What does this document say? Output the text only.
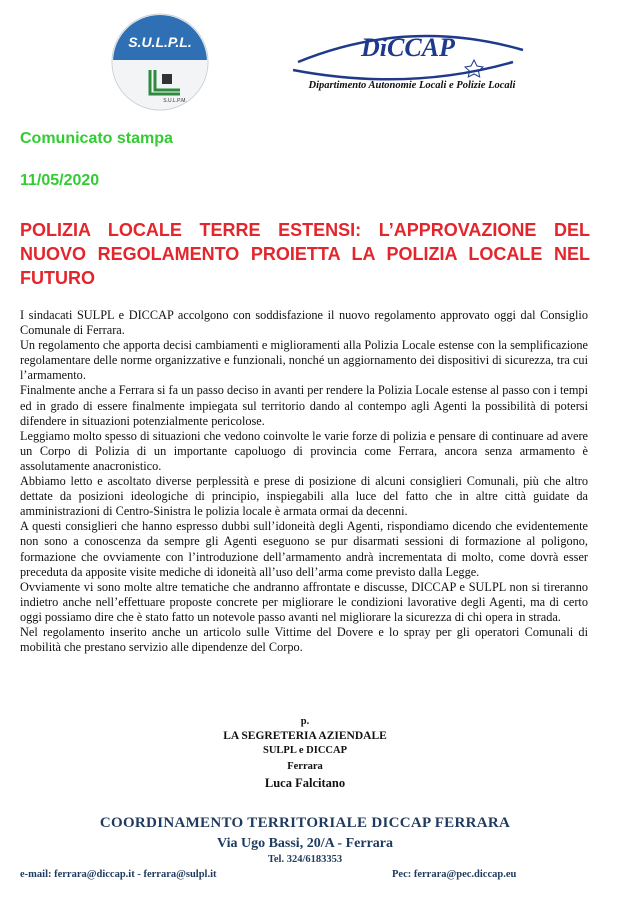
S.U.L.P.L.
S.U.L.P.M.
DiCCAP
Dipartimento Autonomie Locali e Polizie Locali
Comunicato stampa
11/05/2020
POLIZIA LOCALE TERRE ESTENSI: L’APPROVAZIONE DEL NUOVO REGOLAMENTO PROIETTA LA POLIZIA LOCALE NEL FUTURO

I sindacati SULPL e DICCAP accolgono con soddisfazione il nuovo regolamento approvato oggi dal Consiglio Comunale di Ferrara.

Un regolamento che apporta decisi cambiamenti e miglioramenti alla Polizia Locale estense con la semplificazione regolamentare delle norme organizzative e funzionali, nonché un aggiornamento dei dispositivi di sicurezza, tra cui l’armamento.

Finalmente anche a Ferrara si fa un passo deciso in avanti per rendere la Polizia Locale estense al passo con i tempi ed in grado di essere finalmente impiegata sul territorio dando al contempo agli Agenti la possibilità di potersi difendere in situazioni potenzialmente pericolose.

Leggiamo molto spesso di situazioni che vedono coinvolte le varie forze di polizia e pensare di continuare ad avere un Corpo di Polizia di un importante capoluogo di provincia come Ferrara, ancora senza armamento è assolutamente anacronistico.

Abbiamo letto e ascoltato diverse perplessità e prese di posizione di alcuni consiglieri Comunali, più che altro dettate da posizioni ideologiche di principio, inspiegabili alla luce del fatto che in altre città guidate da amministrazioni di Centro-Sinistra le polizia locale è armata ormai da decenni.

A questi consiglieri che hanno espresso dubbi sull’idoneità degli Agenti, rispondiamo dicendo che evidentemente non sono a conoscenza da sempre gli Agenti eseguono se pur disarmati sessioni di formazione al poligono, formazione che ovviamente con l’introduzione dell’armamento andrà incrementata di molto, come dovrà esser preceduta da apposite visite mediche di idoneità all’uso dell’arma come previsto dalla Legge.

Ovviamente vi sono molte altre tematiche che andranno affrontate e discusse, DICCAP e SULPL non si tireranno indietro anche nell’effettuare proposte concrete per migliorare le condizioni lavorative degli Agenti, ma di certo oggi possiamo dire che è stato fatto un notevole passo avanti nel migliorare la sicurezza di chi opera in strada.

Nel regolamento inserito anche un articolo sulle Vittime del Dovere e lo spray per gli operatori Comunali di mobilità che prestano servizio alle dipendenze del Corpo.

p.
LA SEGRETERIA AZIENDALE
SULPL e DICCAP
Ferrara
Luca Falcitano
COORDINAMENTO TERRITORIALE DICCAP FERRARA
Via Ugo Bassi, 20/A - Ferrara
Tel. 324/6183353
e-mail: ferrara@diccap.it - ferrara@sulpl.it	Pec: ferrara@pec.diccap.eu
